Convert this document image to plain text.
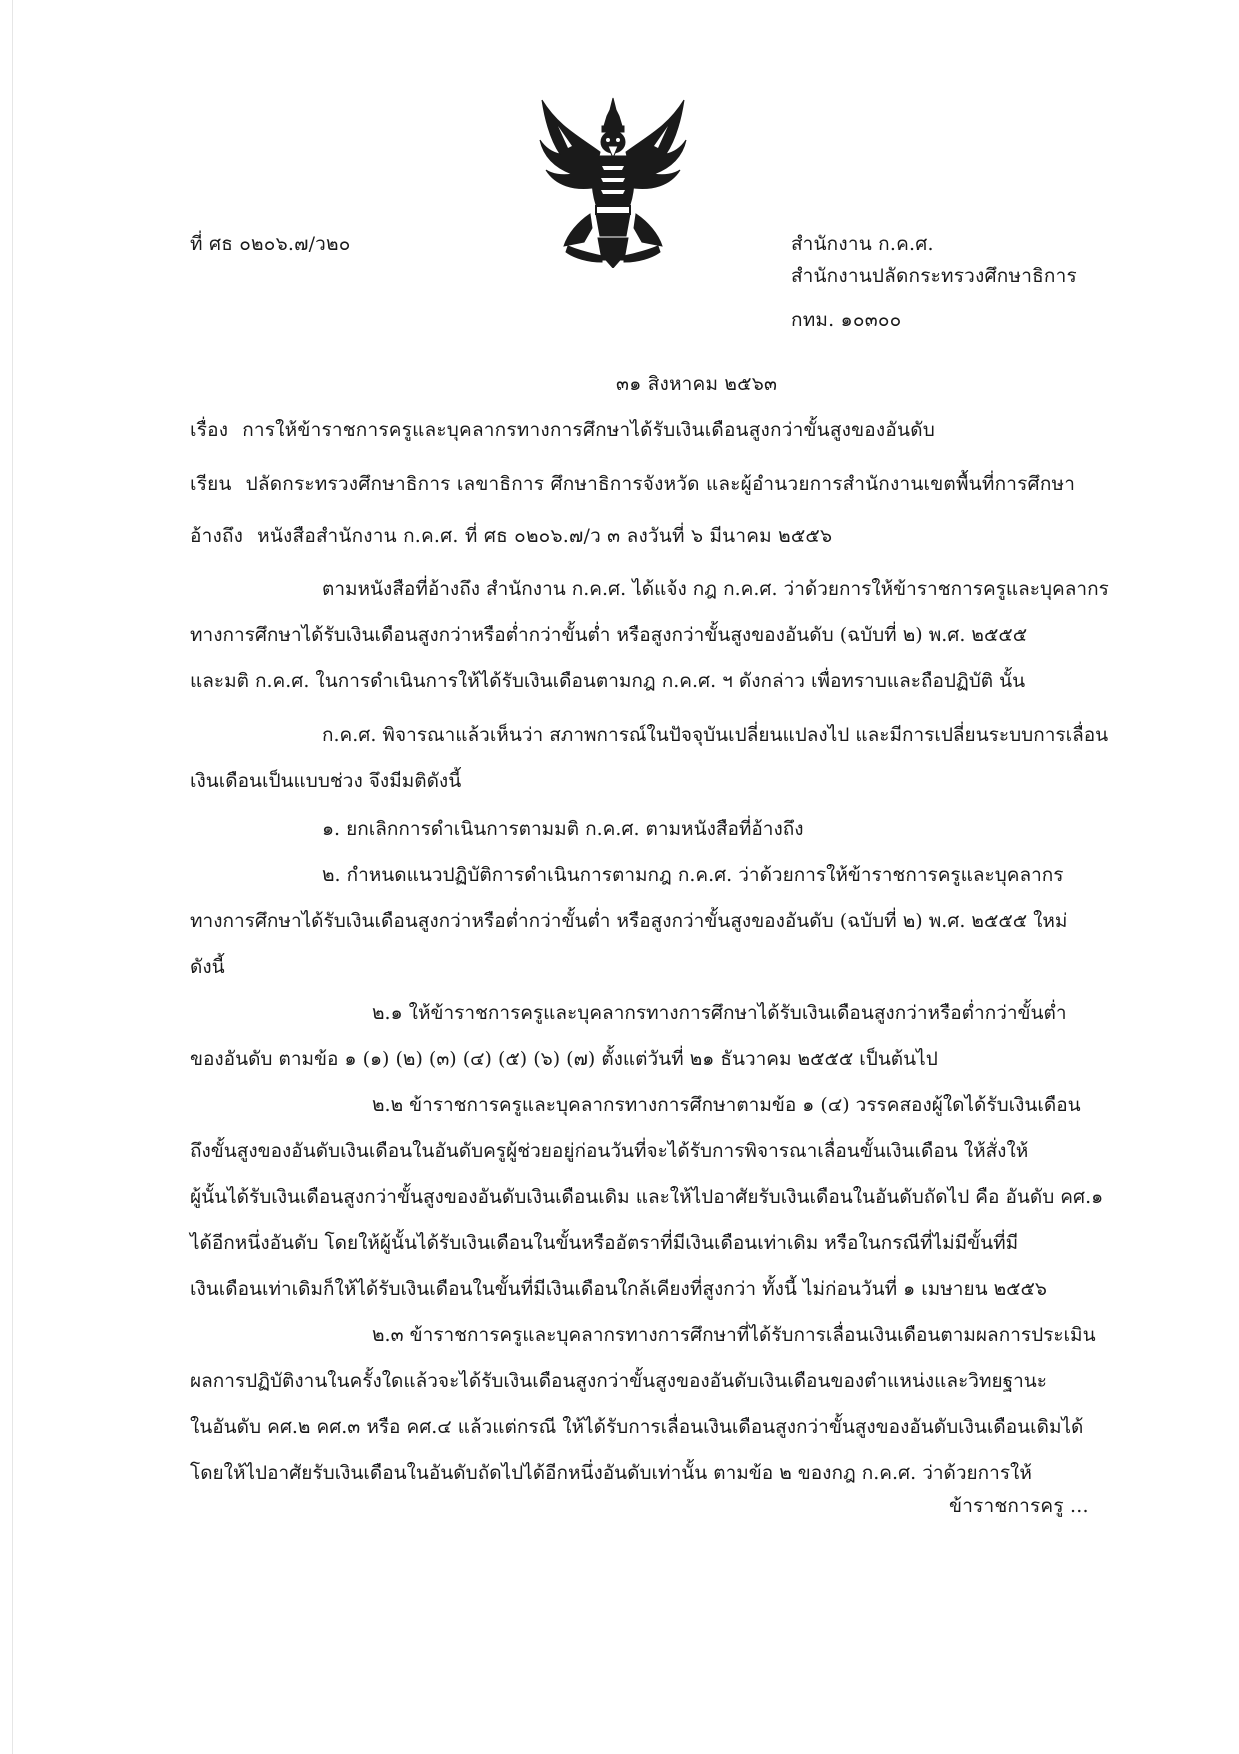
ที่ ศธ ๐๒๐๖.๗/ว๒๐	สำนักงาน ก.ค.ศ.
สำนักงานปลัดกระทรวงศึกษาธิการ
กทม. ๑๐๓๐๐
๓๑ สิงหาคม ๒๕๖๓
เรื่อง การให้ข้าราชการครูและบุคลากรทางการศึกษาได้รับเงินเดือนสูงกว่าขั้นสูงของอันดับ
เรียน ปลัดกระทรวงศึกษาธิการ เลขาธิการ ศึกษาธิการจังหวัด และผู้อำนวยการสำนักงานเขตพื้นที่การศึกษา
อ้างถึง หนังสือสำนักงาน ก.ค.ศ. ที่ ศธ ๐๒๐๖.๗/ว ๓ ลงวันที่ ๖ มีนาคม ๒๕๕๖
ตามหนังสือที่อ้างถึง สำนักงาน ก.ค.ศ. ได้แจ้ง กฎ ก.ค.ศ. ว่าด้วยการให้ข้าราชการครูและบุคลากร
ทางการศึกษาได้รับเงินเดือนสูงกว่าหรือต่ำกว่าขั้นต่ำ หรือสูงกว่าขั้นสูงของอันดับ (ฉบับที่ ๒) พ.ศ. ๒๕๕๕
และมติ ก.ค.ศ. ในการดำเนินการให้ได้รับเงินเดือนตามกฎ ก.ค.ศ. ฯ ดังกล่าว เพื่อทราบและถือปฏิบัติ นั้น
ก.ค.ศ. พิจารณาแล้วเห็นว่า สภาพการณ์ในปัจจุบันเปลี่ยนแปลงไป และมีการเปลี่ยนระบบการเลื่อน
เงินเดือนเป็นแบบช่วง จึงมีมติดังนี้
๑. ยกเลิกการดำเนินการตามมติ ก.ค.ศ. ตามหนังสือที่อ้างถึง
๒. กำหนดแนวปฏิบัติการดำเนินการตามกฎ ก.ค.ศ. ว่าด้วยการให้ข้าราชการครูและบุคลากร
ทางการศึกษาได้รับเงินเดือนสูงกว่าหรือต่ำกว่าขั้นต่ำ หรือสูงกว่าขั้นสูงของอันดับ (ฉบับที่ ๒) พ.ศ. ๒๕๕๕ ใหม่
ดังนี้
๒.๑ ให้ข้าราชการครูและบุคลากรทางการศึกษาได้รับเงินเดือนสูงกว่าหรือต่ำกว่าขั้นต่ำ
ของอันดับ ตามข้อ ๑ (๑) (๒) (๓) (๔) (๕) (๖) (๗) ตั้งแต่วันที่ ๒๑ ธันวาคม ๒๕๕๕ เป็นต้นไป
๒.๒ ข้าราชการครูและบุคลากรทางการศึกษาตามข้อ ๑ (๔) วรรคสองผู้ใดได้รับเงินเดือน
ถึงขั้นสูงของอันดับเงินเดือนในอันดับครูผู้ช่วยอยู่ก่อนวันที่จะได้รับการพิจารณาเลื่อนขั้นเงินเดือน ให้สั่งให้
ผู้นั้นได้รับเงินเดือนสูงกว่าขั้นสูงของอันดับเงินเดือนเดิม และให้ไปอาศัยรับเงินเดือนในอันดับถัดไป คือ อันดับ คศ.๑
ได้อีกหนึ่งอันดับ โดยให้ผู้นั้นได้รับเงินเดือนในขั้นหรืออัตราที่มีเงินเดือนเท่าเดิม หรือในกรณีที่ไม่มีขั้นที่มี
เงินเดือนเท่าเดิมก็ให้ได้รับเงินเดือนในขั้นที่มีเงินเดือนใกล้เคียงที่สูงกว่า ทั้งนี้ ไม่ก่อนวันที่ ๑ เมษายน ๒๕๕๖
๒.๓ ข้าราชการครูและบุคลากรทางการศึกษาที่ได้รับการเลื่อนเงินเดือนตามผลการประเมิน
ผลการปฏิบัติงานในครั้งใดแล้วจะได้รับเงินเดือนสูงกว่าขั้นสูงของอันดับเงินเดือนของตำแหน่งและวิทยฐานะ
ในอันดับ คศ.๒ คศ.๓ หรือ คศ.๔ แล้วแต่กรณี ให้ได้รับการเลื่อนเงินเดือนสูงกว่าขั้นสูงของอันดับเงินเดือนเดิมได้
โดยให้ไปอาศัยรับเงินเดือนในอันดับถัดไปได้อีกหนึ่งอันดับเท่านั้น ตามข้อ ๒ ของกฎ ก.ค.ศ. ว่าด้วยการให้
ข้าราชการครู ...
